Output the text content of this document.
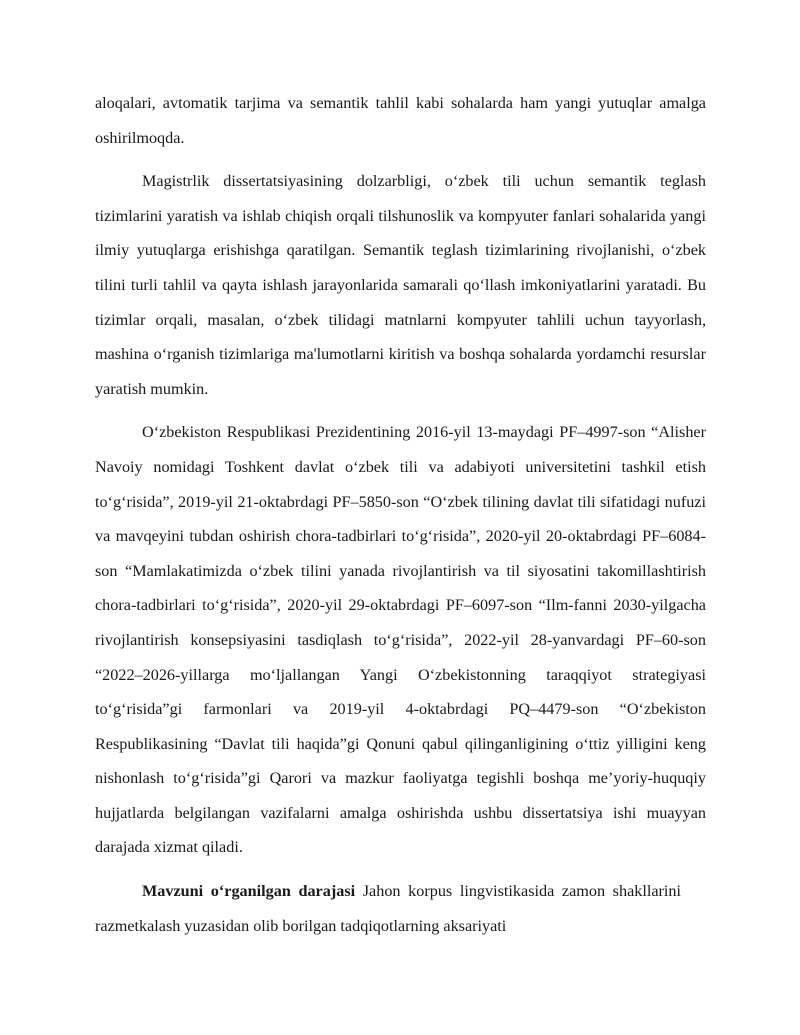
aloqalari, avtomatik tarjima va semantik tahlil kabi sohalarda ham yangi yutuqlar amalga oshirilmoqda.

Magistrlik dissertatsiyasining dolzarbligi, o‘zbek tili uchun semantik teglash tizimlarini yaratish va ishlab chiqish orqali tilshunoslik va kompyuter fanlari sohalarida yangi ilmiy yutuqlarga erishishga qaratilgan. Semantik teglash tizimlarining rivojlanishi, o‘zbek tilini turli tahlil va qayta ishlash jarayonlarida samarali qo‘llash imkoniyatlarini yaratadi. Bu tizimlar orqali, masalan, o‘zbek tilidagi matnlarni kompyuter tahlili uchun tayyorlash, mashina o‘rganish tizimlariga ma'lumotlarni kiritish va boshqa sohalarda yordamchi resurslar yaratish mumkin.

O‘zbekiston Respublikasi Prezidentining 2016-yil 13-maydagi PF–4997-son “Alisher Navoiy nomidagi Toshkent davlat o‘zbek tili va adabiyoti universitetini tashkil etish to‘g‘risida”, 2019-yil 21-oktabrdagi PF–5850-son “O‘zbek tilining davlat tili sifatidagi nufuzi va mavqeyini tubdan oshirish chora-tadbirlari to‘g‘risida”, 2020-yil 20-oktabrdagi PF–6084-son “Mamlakatimizda o‘zbek tilini yanada rivojlantirish va til siyosatini takomillashtirish chora-tadbirlari to‘g‘risida”, 2020-yil 29-oktabrdagi PF–6097-son “Ilm-fanni 2030-yilgacha rivojlantirish konsepsiyasini tasdiqlash to‘g‘risida”, 2022-yil 28-yanvardagi PF–60-son “2022–2026-yillarga mo‘ljallangan Yangi O‘zbekistonning taraqqiyot strategiyasi to‘g‘risida”gi farmonlari va 2019-yil 4-oktabrdagi PQ–4479-son “O‘zbekiston Respublikasining “Davlat tili haqida”gi Qonuni qabul qilinganligining o‘ttiz yilligini keng nishonlash to‘g‘risida”gi Qarori va mazkur faoliyatga tegishli boshqa me’yoriy-huquqiy hujjatlarda belgilangan vazifalarni amalga oshirishda ushbu dissertatsiya ishi muayyan darajada xizmat qiladi.

Mavzuni o‘rganilgan darajasi Jahon korpus lingvistikasida zamon shakllarini razmetkalash yuzasidan olib borilgan tadqiqotlarning aksariyati
